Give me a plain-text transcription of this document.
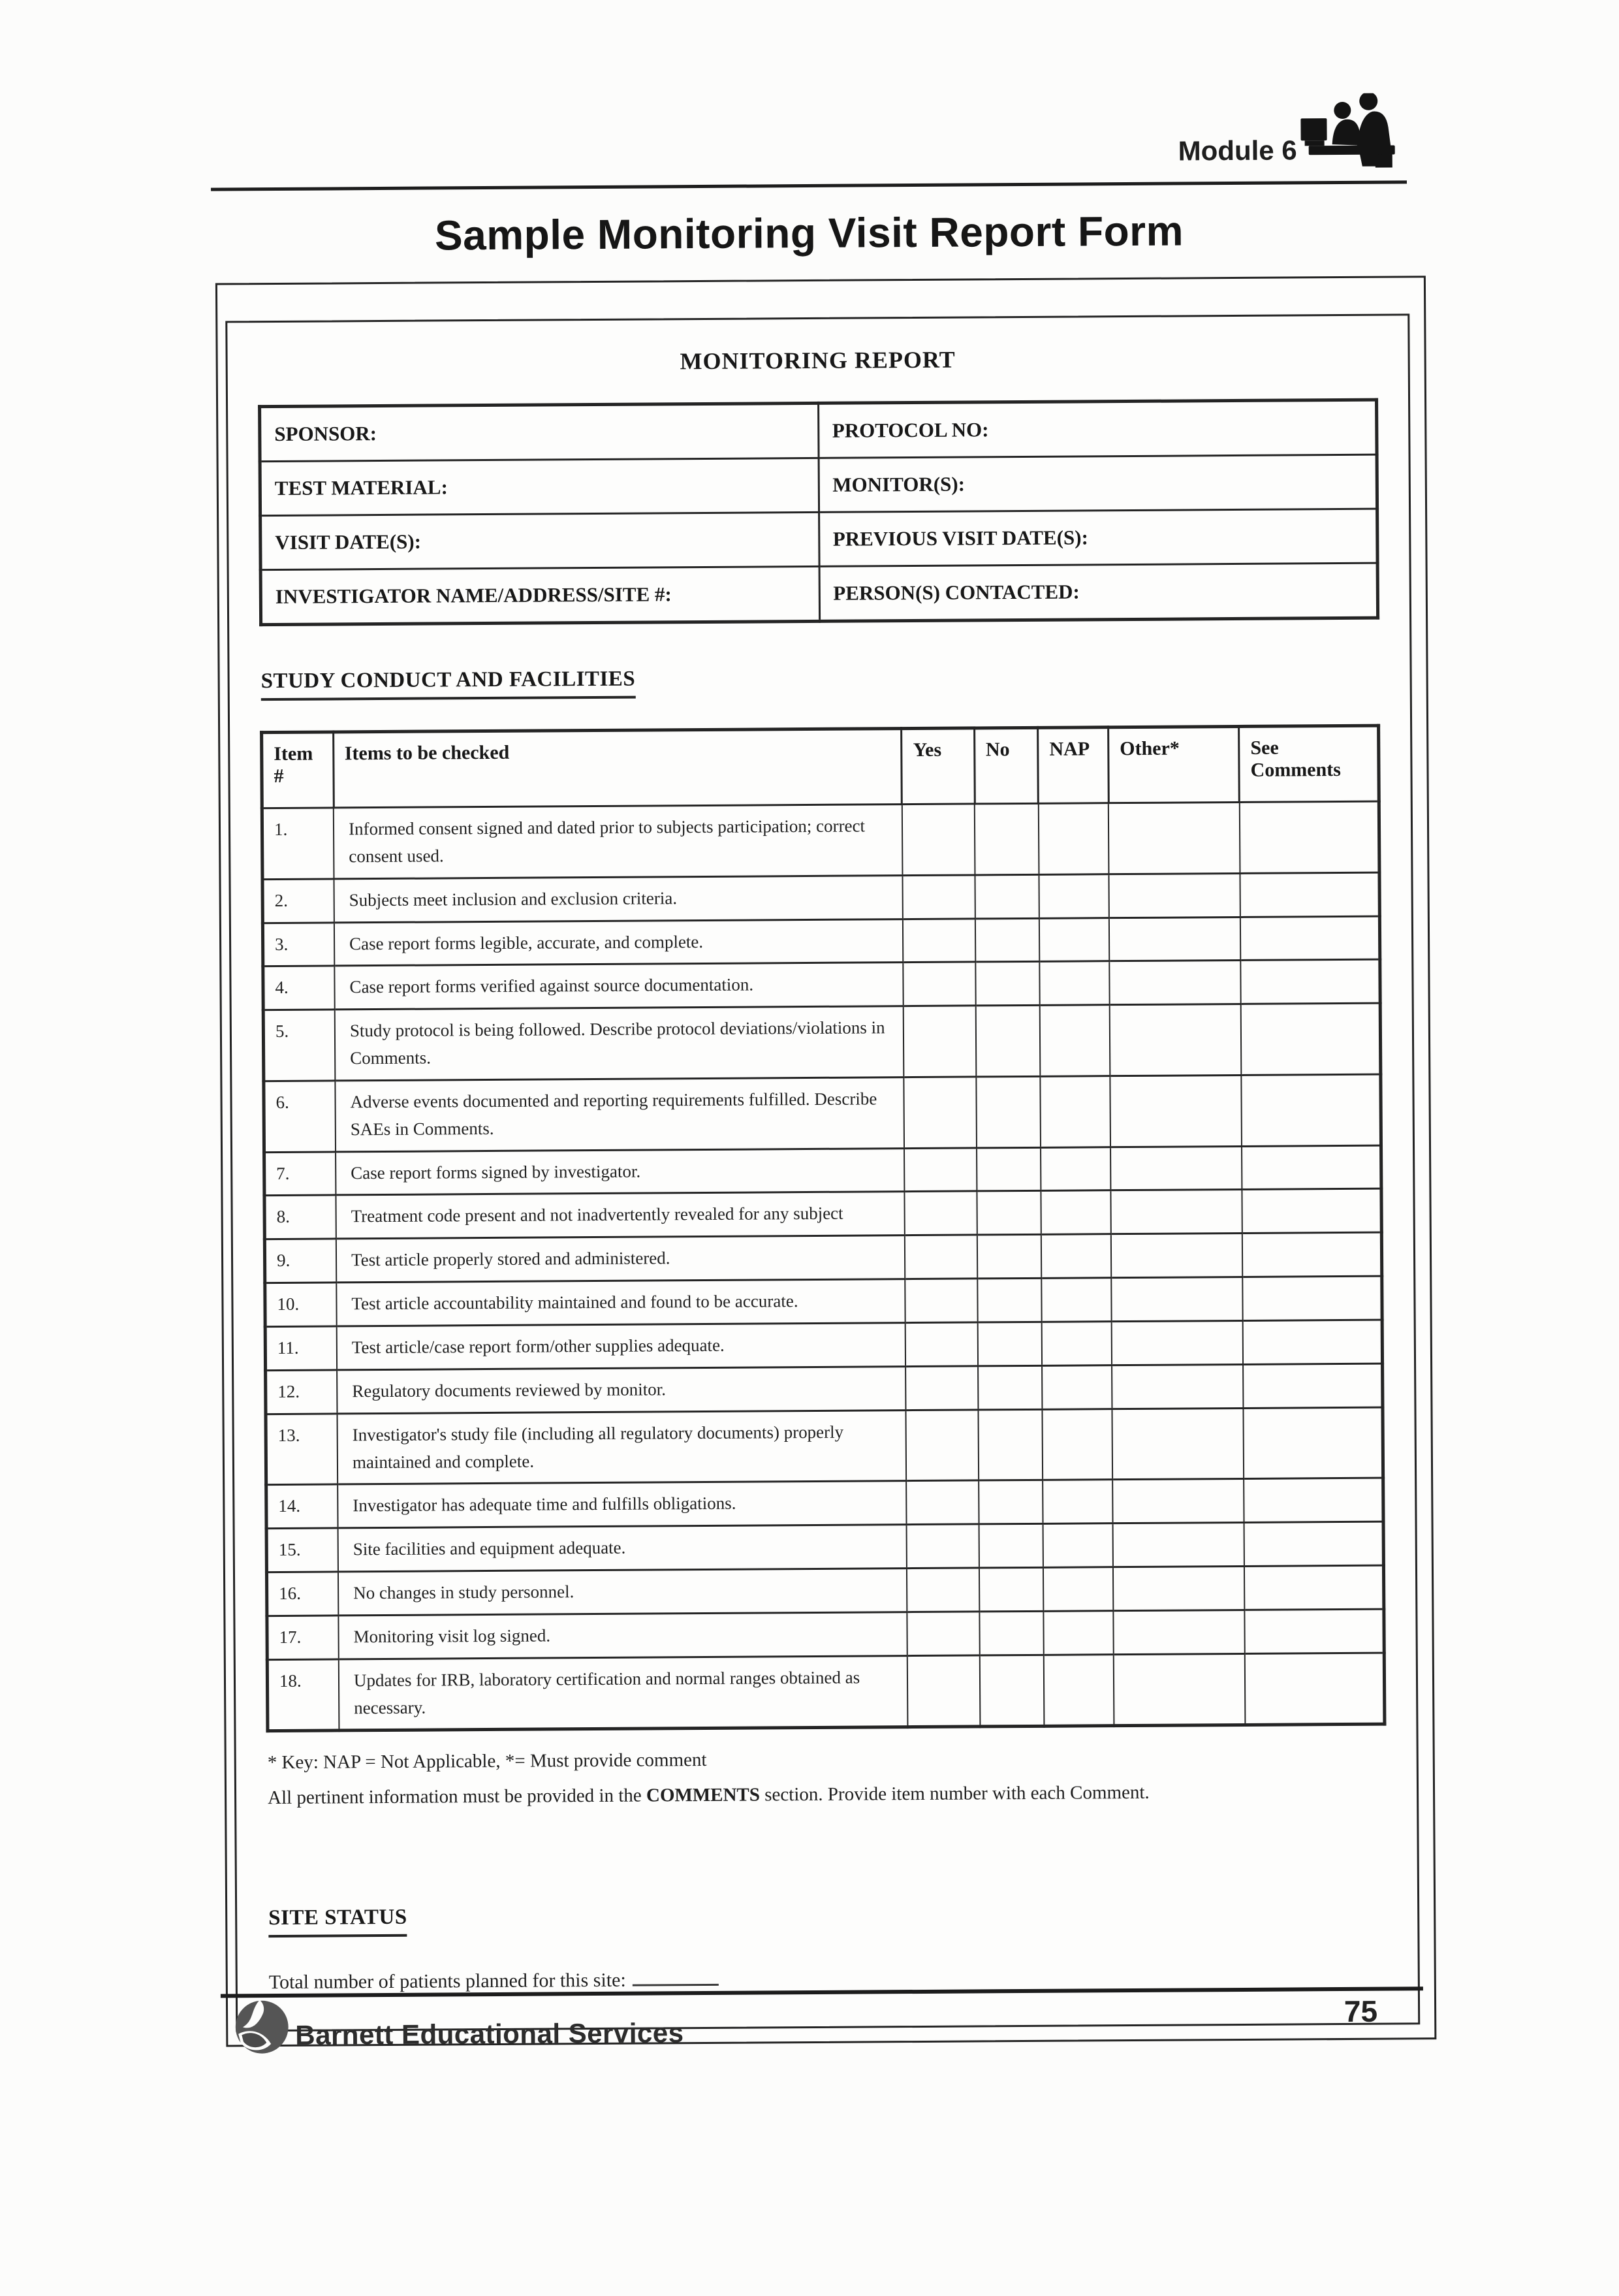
Module 6
Sample Monitoring Visit Report Form
MONITORING REPORT
SPONSOR:	PROTOCOL NO:
TEST MATERIAL:	MONITOR(S):
VISIT DATE(S):	PREVIOUS VISIT DATE(S):
INVESTIGATOR NAME/ADDRESS/SITE #:	PERSON(S) CONTACTED:
STUDY CONDUCT AND FACILITIES
Item #	Items to be checked	Yes	No	NAP	Other*	See Comments
1.	Informed consent signed and dated prior to subjects participation; correct consent used.					
2.	Subjects meet inclusion and exclusion criteria.					
3.	Case report forms legible, accurate, and complete.					
4.	Case report forms verified against source documentation.					
5.	Study protocol is being followed. Describe protocol deviations/violations in Comments.					
6.	Adverse events documented and reporting requirements fulfilled. Describe SAEs in Comments.					
7.	Case report forms signed by investigator.					
8.	Treatment code present and not inadvertently revealed for any subject					
9.	Test article properly stored and administered.					
10.	Test article accountability maintained and found to be accurate.					
11.	Test article/case report form/other supplies adequate.					
12.	Regulatory documents reviewed by monitor.					
13.	Investigator's study file (including all regulatory documents) properly maintained and complete.					
14.	Investigator has adequate time and fulfills obligations.					
15.	Site facilities and equipment adequate.					
16.	No changes in study personnel.					
17.	Monitoring visit log signed.					
18.	Updates for IRB, laboratory certification and normal ranges obtained as necessary.					
* Key: NAP = Not Applicable, *= Must provide comment
All pertinent information must be provided in the COMMENTS section. Provide item number with each Comment.
SITE STATUS
Total number of patients planned for this site:
75
Barnett Educational Services
